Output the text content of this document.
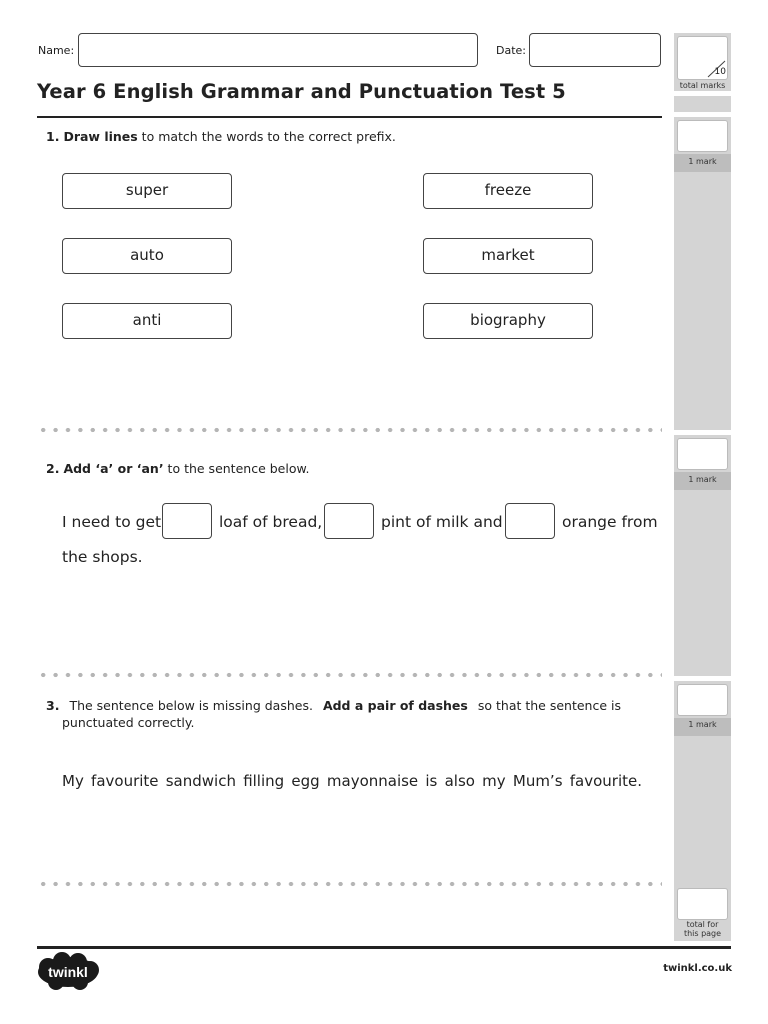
Name:	Date:
Year 6 English Grammar and Punctuation Test 5
10
total marks
1 mark
1 mark
1 mark
total for
this page
1. Draw lines to match the words to the correct prefix.
super
auto
anti
freeze
market
biography
2. Add ‘a’ or ‘an’ to the sentence below.
I need to get	loaf of bread,	pint of milk and	orange from
the shops.
3. The sentence below is missing dashes. Add a pair of dashes so that the sentence is
punctuated correctly.
My favourite sandwich filling egg mayonnaise is also my Mum’s favourite.
twinkl	twinkl.co.uk
